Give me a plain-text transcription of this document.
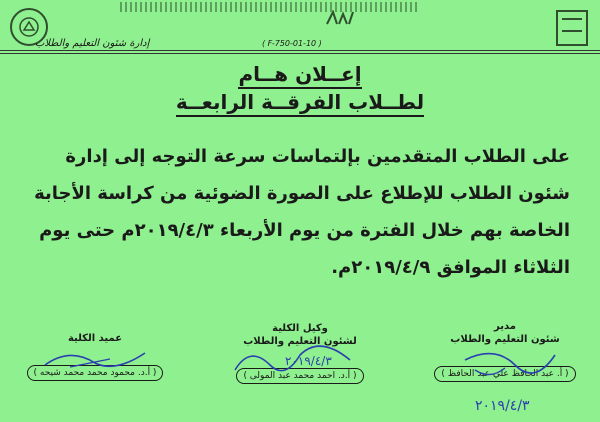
إدارة شئون التعليم والطلاب	( F-750-01-10 )
إعــلان هــام
لطــلاب الفرقــة الرابعــة
على الطلاب المتقدمين بإلتماسات سرعة التوجه إلى إدارة
شئون الطلاب للإطلاع على الصورة الضوئية من كراسة الأجابة
الخاصة بهم خلال الفترة من يوم الأربعاء ٢٠١٩/٤/٣م حتى يوم
الثلاثاء الموافق ٢٠١٩/٤/٩م.
مدير
شئون التعليم والطلاب
( أ. عبد الحافظ علي عبد الحافظ )
٢٠١٩/٤/٣
وكيل الكلية
لشئون التعليم والطلاب
( أ.د. احمد محمد عبد المولى )
٢٠١٩/٤/٣
عميد الكلية
( أ.د. محمود محمد محمد شيحه )
